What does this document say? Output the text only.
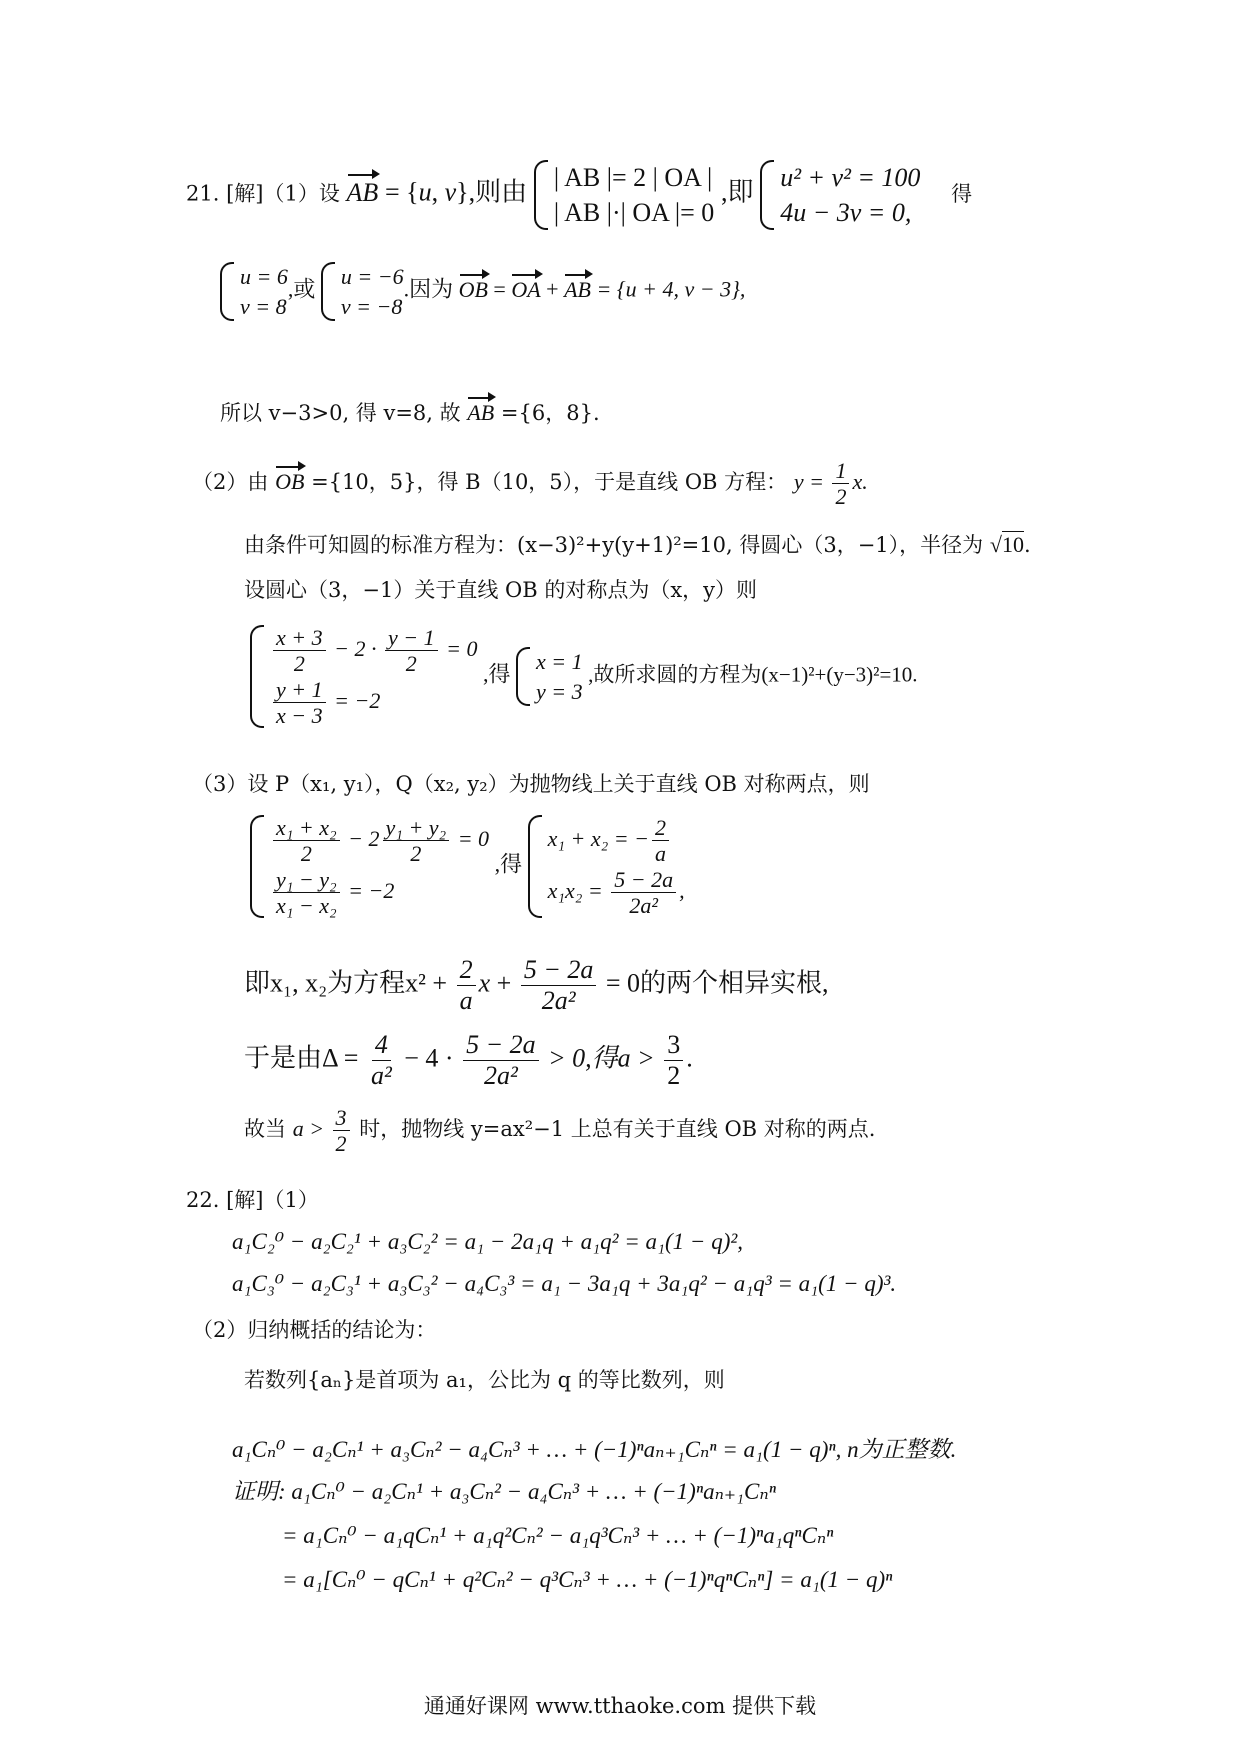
21. [解]（1）设 AB = {u, v},则由
| AB |= 2 | OA |
| AB |·| OA |= 0
,即
u² + v² = 100
4u − 3v = 0,
得
u = 6
v = 8
,或
u = −6
v = −8
.因为 OB = OA + AB = {u + 4, v − 3},
所以 v−3>0, 得 v=8, 故 AB ={6，8}.
（2）由 OB ={10，5}，得 B（10，5），于是直线 OB 方程： $y = \frac{1}{2} x$.
由条件可知圆的标准方程为：(x−3)²+y(y+1)²=10, 得圆心（3，−1），半径为 √10.
设圆心（3，−1）关于直线 OB 的对称点为（x，y）则
$\frac{x + 3}{2} - 2 \cdot \frac{y - 1}{2} = 0$
$\frac{y + 1}{x - 3} = -2$
,得
x = 1
y = 3
,故所求圆的方程为(x−1)²+(y−3)²=10.
（3）设 P（x₁, y₁），Q（x₂, y₂）为抛物线上关于直线 OB 对称两点，则
$\frac{\text{x₁ + x₂}}{2} - 2 \frac{\text{y₁ + y₂}}{2} = 0$
$\frac{\text{y₁ − y₂}}{\text{x₁ − x₂}} = -2$
,得
x₁ + x₂ = − $\frac{2}{a}$
$x_1x_2 = \frac{5 - 2a}{\text{2a²}}$ ,
即x₁, x₂为方程$x^2 + \frac{2}{a}$ $x + \frac{5 - 2a}{\text{2a²}} = 0$的两个相异实根,
于是由$\Delta = \frac{4}{\text{a²}} - 4 \cdot \frac{5 - 2a}{\text{2a²}} > 0$,得$a > \frac{3}{2}$ .
故当 $a > \frac{3}{2}$ 时，抛物线 y=ax²−1 上总有关于直线 OB 对称的两点.
22. [解]（1）
a₁C₂⁰ − a₂C₂¹ + a₃C₂² = a₁ − 2a₁q + a₁q² = a₁(1 − q)²,
a₁C₃⁰ − a₂C₃¹ + a₃C₃² − a₄C₃³ = a₁ − 3a₁q + 3a₁q² − a₁q³ = a₁(1 − q)³.
（2）归纳概括的结论为：
若数列{aₙ}是首项为 a₁，公比为 q 的等比数列，则
a₁Cₙ⁰ − a₂Cₙ¹ + a₃Cₙ² − a₄Cₙ³ + … + (−1)ⁿaₙ₊₁Cₙⁿ = a₁(1 − q)ⁿ, n为正整数.
证明: a₁Cₙ⁰ − a₂Cₙ¹ + a₃Cₙ² − a₄Cₙ³ + … + (−1)ⁿaₙ₊₁Cₙⁿ
= a₁Cₙ⁰ − a₁qCₙ¹ + a₁q²Cₙ² − a₁q³Cₙ³ + … + (−1)ⁿa₁qⁿCₙⁿ
= a₁[Cₙ⁰ − qCₙ¹ + q²Cₙ² − q³Cₙ³ + … + (−1)ⁿqⁿCₙⁿ] = a₁(1 − q)ⁿ
通通好课网 www.tthaoke.com 提供下载
